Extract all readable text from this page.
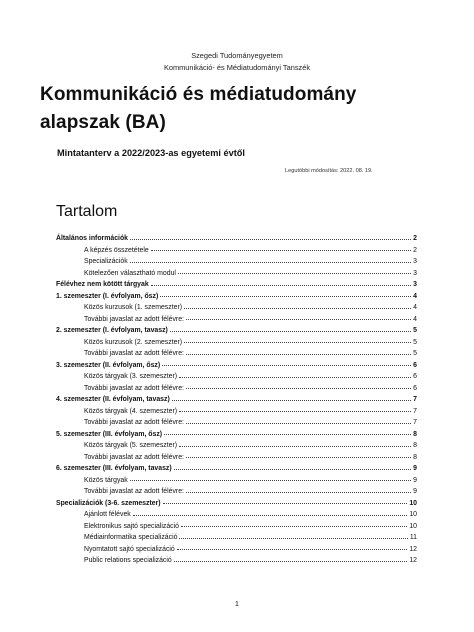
Szegedi Tudományegyetem
Kommunikáció- és Médiatudományi Tanszék
Kommunikáció és médiatudomány
alapszak (BA)
Mintatanterv a 2022/2023-as egyetemi évtől
Legutóbbi módosítás: 2022. 08. 19.
Tartalom
Általános információk	2
A képzés összetétele	2
Specializációk	3
Kötelezően választható modul	3
Félévhez nem kötött tárgyak	3
1. szemeszter (I. évfolyam, ősz)	4
Közös kurzusok (1. szemeszter)	4
További javaslat az adott félévre:	4
2. szemeszter (I. évfolyam, tavasz)	5
Közös kurzusok (2. szemeszter)	5
További javaslat az adott félévre:	5
3. szemeszter (II. évfolyam, ősz)	6
Közös tárgyak (3. szemeszter)	6
További javaslat az adott félévre:	6
4. szemeszter (II. évfolyam, tavasz)	7
Közös tárgyak (4. szemeszter)	7
További javaslat az adott félévre:	7
5. szemeszter (III. évfolyam, ősz)	8
Közös tárgyak (5. szemeszter)	8
További javaslat az adott félévre:	8
6. szemeszter (III. évfolyam, tavasz)	9
Közös tárgyak	9
További javaslat az adott félévre:	9
Specializációk (3-6. szemeszter)	10
Ajánlott félévek	10
Elektronikus sajtó specializáció	10
Médiainformatika specializáció	11
Nyomtatott sajtó specializáció	12
Public relations specializáció	12
1
